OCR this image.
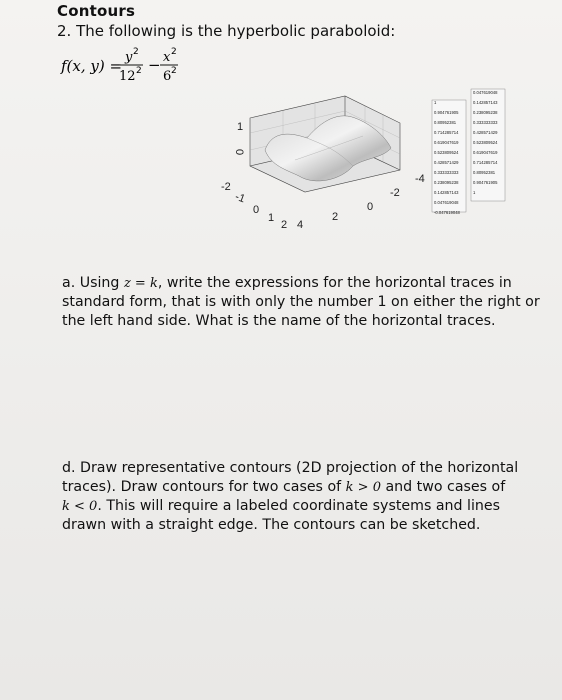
Contours
2. The following is the hyperbolic paraboloid:
f(x, y) = y 2
12 2 − x 2
6 2
1
0
-2
-1
0
1
2 4
2
0
-2
-4
1
0.904761905
0.80952381
0.714285714
0.619047619
0.523809524
0.428571429
0.333333333
0.238095238
0.142857143
0.047619048
-0.047619048
0.047619048
0.142857143
0.238095238
0.333333333
0.428571429
0.523809524
0.619047619
0.714285714
0.80952381
0.904761905
1
a. Using z = k, write the expressions for the horizontal traces in standard form, that is with only the number 1 on either the right or the left hand side. What is the name of the horizontal traces.
d. Draw representative contours (2D projection of the horizontal
traces). Draw contours for two cases of k > 0 and two cases of
k < 0. This will require a labeled coordinate systems and lines
drawn with a straight edge. The contours can be sketched.
